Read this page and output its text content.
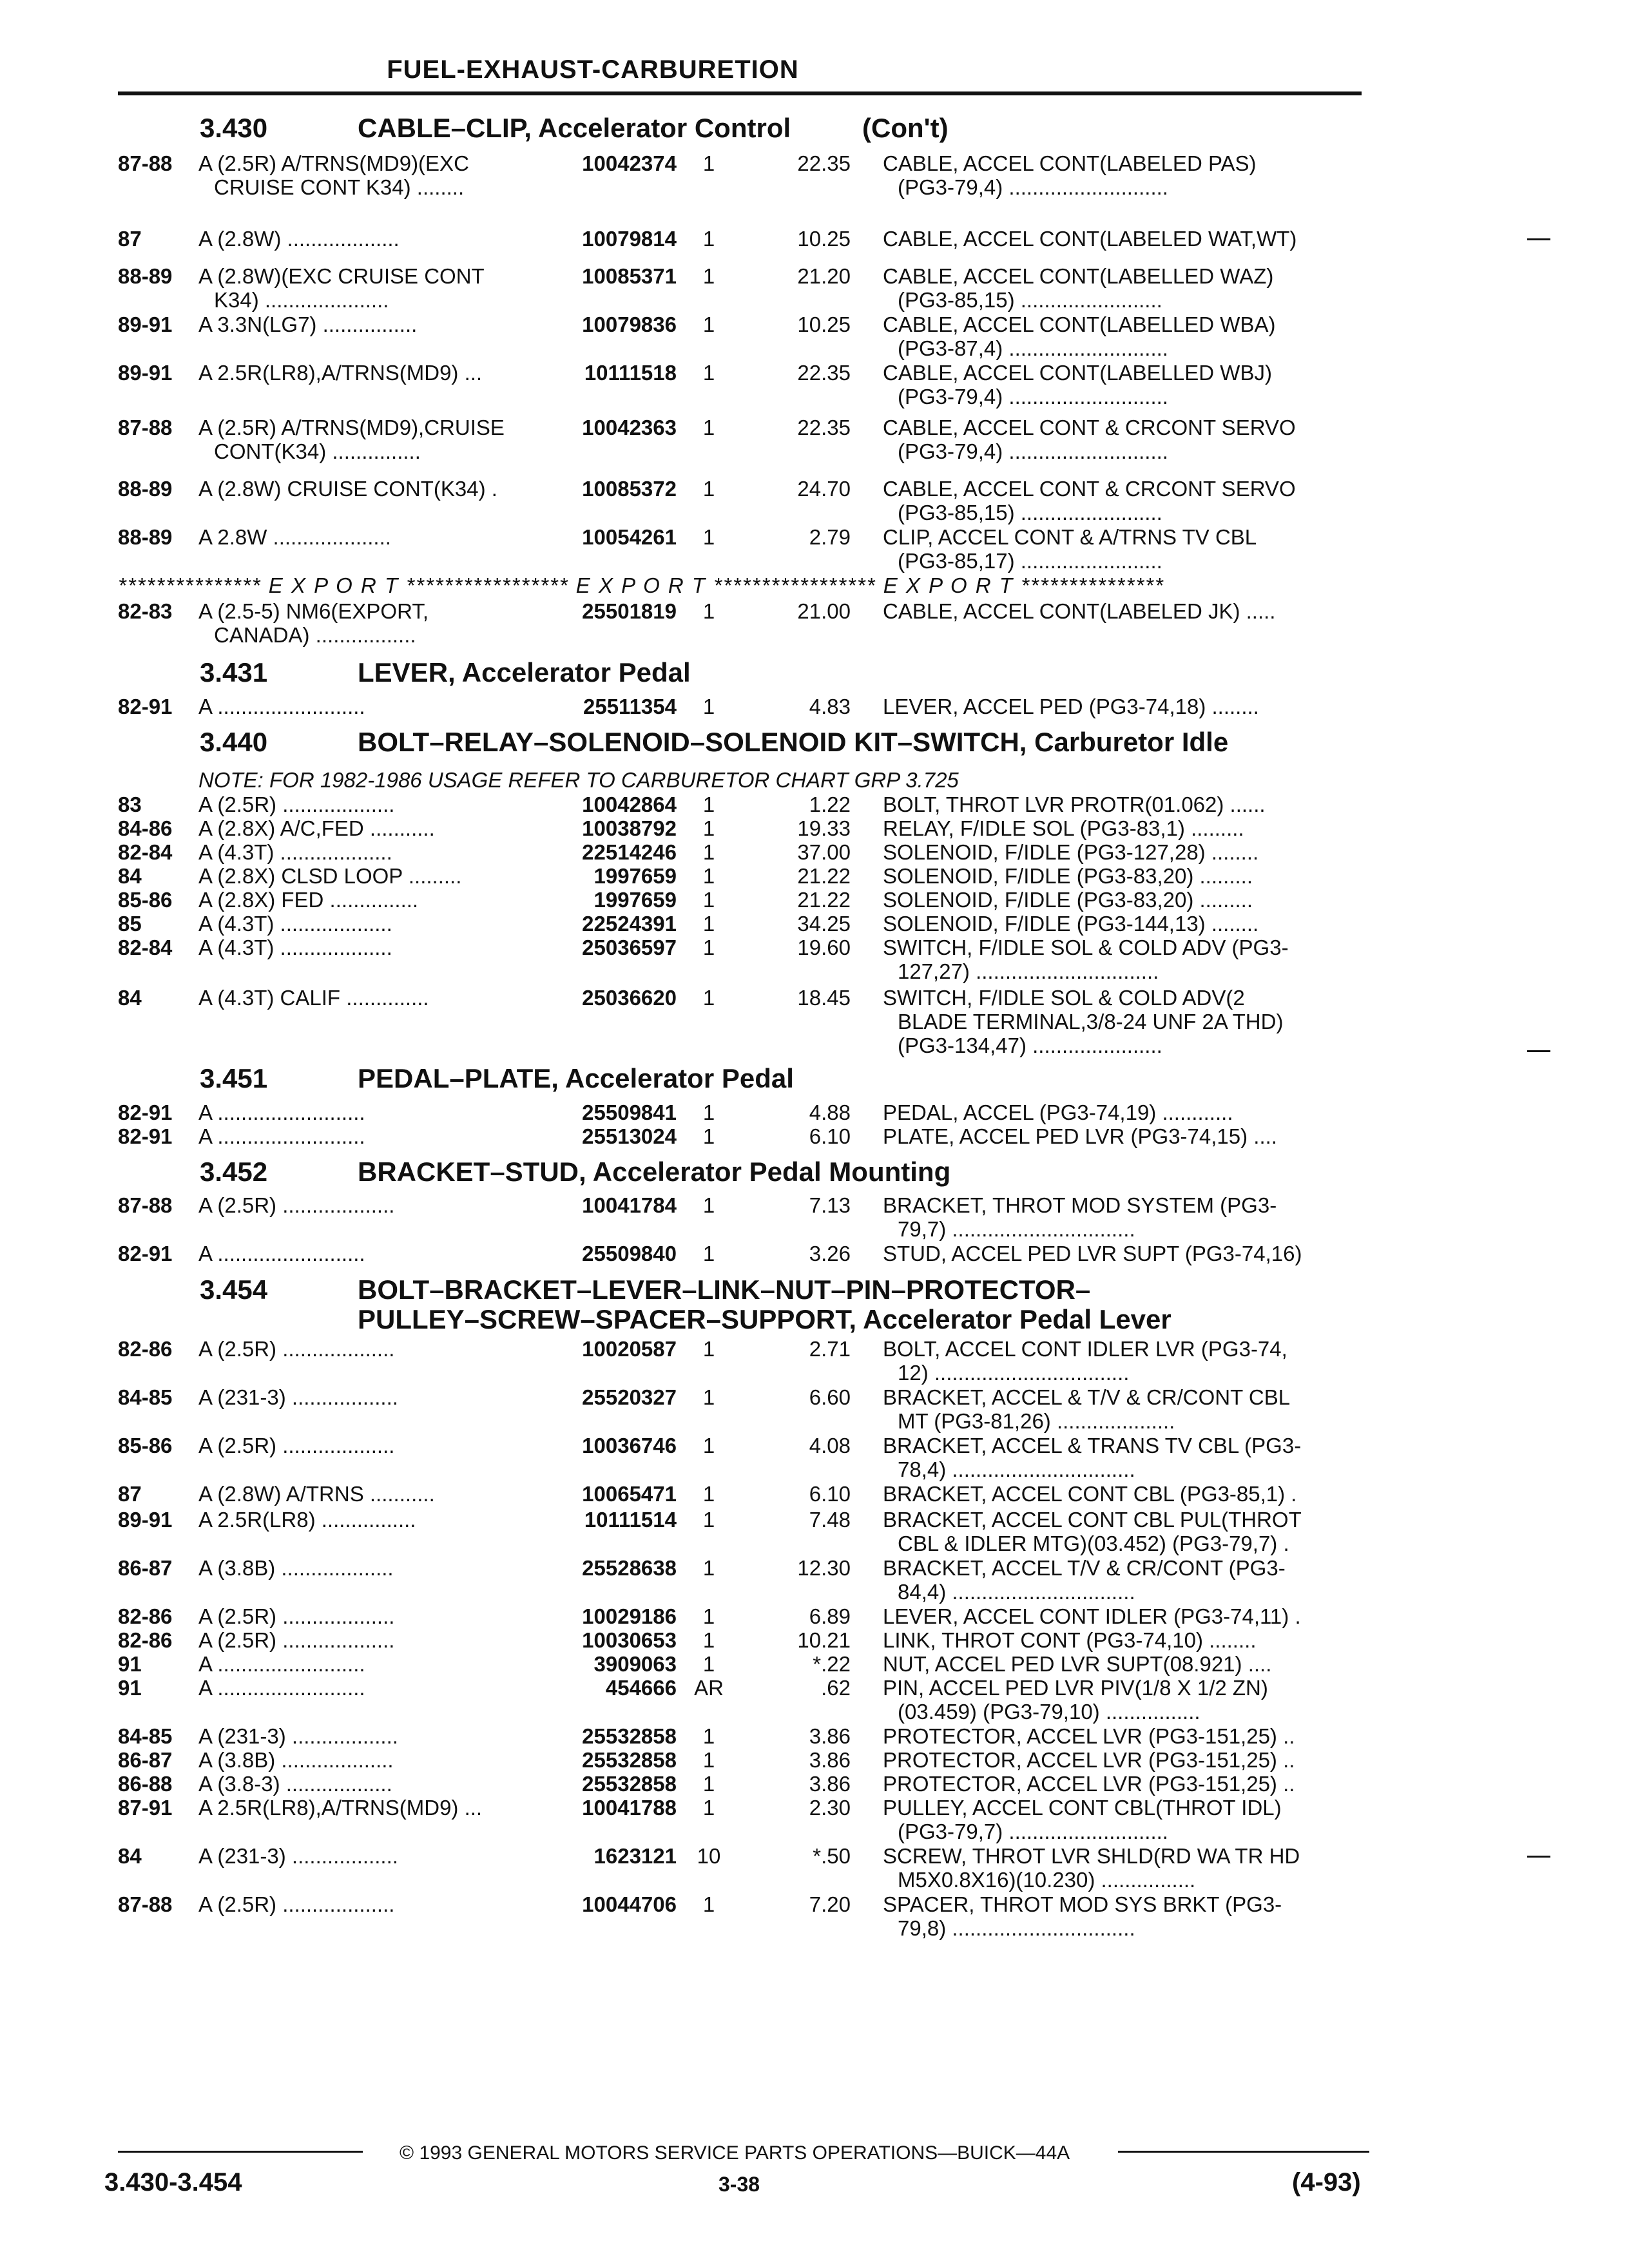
FUEL-EXHAUST-CARBURETION
3.430	CABLE–CLIP, Accelerator Control	(Con't)
87-88 A (2.5R) A/TRNS(MD9)(EXC
CRUISE CONT K34) ........
10042374	1	22.35 CABLE, ACCEL CONT(LABELED PAS)
(PG3-79,4) ...........................
87	A (2.8W) ...................	10079814	1	10.25 CABLE, ACCEL CONT(LABELED WAT,WT)
88-89 A (2.8W)(EXC CRUISE CONT
K34) .....................
10085371	1	21.20 CABLE, ACCEL CONT(LABELLED WAZ)
(PG3-85,15) ........................
89-91 A 3.3N(LG7) ................	10079836	1	10.25 CABLE, ACCEL CONT(LABELLED WBA)
(PG3-87,4) ...........................
89-91 A 2.5R(LR8),A/TRNS(MD9) ...	10111518	1	22.35 CABLE, ACCEL CONT(LABELLED WBJ)
(PG3-79,4) ...........................
87-88 A (2.5R) A/TRNS(MD9),CRUISE
CONT(K34) ...............
10042363	1	22.35 CABLE, ACCEL CONT & CRCONT SERVO
(PG3-79,4) ...........................
88-89 A (2.8W) CRUISE CONT(K34) .	10085372	1	24.70 CABLE, ACCEL CONT & CRCONT SERVO
(PG3-85,15) ........................
88-89 A 2.8W ....................	10054261	1	2.79 CLIP, ACCEL CONT & A/TRNS TV CBL
(PG3-85,17) ........................
82-83 A (2.5-5) NM6(EXPORT,
CANADA) .................
25501819	1	21.00 CABLE, ACCEL CONT(LABELED JK) .....
3.431	LEVER, Accelerator Pedal
82-91 A .........................	25511354	1	4.83 LEVER, ACCEL PED (PG3-74,18) ........
3.440	BOLT–RELAY–SOLENOID–SOLENOID KIT–SWITCH, Carburetor Idle
NOTE: FOR 1982-1986 USAGE REFER TO CARBURETOR CHART GRP 3.725
83	A (2.5R) ...................	10042864	1	1.22 BOLT, THROT LVR PROTR(01.062) ......
84-86 A (2.8X) A/C,FED ...........	10038792	1	19.33 RELAY, F/IDLE SOL (PG3-83,1) .........
82-84 A (4.3T) ...................	22514246	1	37.00 SOLENOID, F/IDLE (PG3-127,28) ........
84	A (2.8X) CLSD LOOP .........	1997659	1	21.22 SOLENOID, F/IDLE (PG3-83,20) .........
85-86 A (2.8X) FED ...............	1997659	1	21.22 SOLENOID, F/IDLE (PG3-83,20) .........
85	A (4.3T) ...................	22524391	1	34.25 SOLENOID, F/IDLE (PG3-144,13) ........
82-84 A (4.3T) ...................	25036597	1	19.60 SWITCH, F/IDLE SOL & COLD ADV (PG3-
127,27) ...............................
84	A (4.3T) CALIF ..............	25036620	1	18.45 SWITCH, F/IDLE SOL & COLD ADV(2
BLADE TERMINAL,3/8-24 UNF 2A THD)
(PG3-134,47) ......................
3.451	PEDAL–PLATE, Accelerator Pedal
82-91 A .........................	25509841	1	4.88 PEDAL, ACCEL (PG3-74,19) ............
82-91 A .........................	25513024	1	6.10 PLATE, ACCEL PED LVR (PG3-74,15) ....
3.452	BRACKET–STUD, Accelerator Pedal Mounting
87-88 A (2.5R) ...................	10041784	1	7.13 BRACKET, THROT MOD SYSTEM (PG3-
79,7) ...............................
82-91 A .........................	25509840	1	3.26 STUD, ACCEL PED LVR SUPT (PG3-74,16)
3.454	BOLT–BRACKET–LEVER–LINK–NUT–PIN–PROTECTOR–
PULLEY–SCREW–SPACER–SUPPORT, Accelerator Pedal Lever
82-86 A (2.5R) ...................	10020587	1	2.71 BOLT, ACCEL CONT IDLER LVR (PG3-74,
12) .................................
84-85 A (231-3) ..................	25520327	1	6.60 BRACKET, ACCEL & T/V & CR/CONT CBL
MT (PG3-81,26) ....................
85-86 A (2.5R) ...................	10036746	1	4.08 BRACKET, ACCEL & TRANS TV CBL (PG3-
78,4) ...............................
87	A (2.8W) A/TRNS ...........	10065471	1	6.10 BRACKET, ACCEL CONT CBL (PG3-85,1) .
89-91 A 2.5R(LR8) ................	10111514	1	7.48 BRACKET, ACCEL CONT CBL PUL(THROT
CBL & IDLER MTG)(03.452) (PG3-79,7) .
86-87 A (3.8B) ...................	25528638	1	12.30 BRACKET, ACCEL T/V & CR/CONT (PG3-
84,4) ...............................
82-86 A (2.5R) ...................	10029186	1	6.89 LEVER, ACCEL CONT IDLER (PG3-74,11) .
82-86 A (2.5R) ...................	10030653	1	10.21 LINK, THROT CONT (PG3-74,10) ........
91	A .........................	3909063	1	*.22 NUT, ACCEL PED LVR SUPT(08.921) ....
91	A .........................	454666 AR	.62 PIN, ACCEL PED LVR PIV(1/8 X 1/2 ZN)
(03.459) (PG3-79,10) ................
84-85 A (231-3) ..................	25532858	1	3.86 PROTECTOR, ACCEL LVR (PG3-151,25) ..
86-87 A (3.8B) ...................	25532858	1	3.86 PROTECTOR, ACCEL LVR (PG3-151,25) ..
86-88 A (3.8-3) ..................	25532858	1	3.86 PROTECTOR, ACCEL LVR (PG3-151,25) ..
87-91 A 2.5R(LR8),A/TRNS(MD9) ...	10041788	1	2.30 PULLEY, ACCEL CONT CBL(THROT IDL)
(PG3-79,7) ...........................
84	A (231-3) ..................	1623121 10	*.50 SCREW, THROT LVR SHLD(RD WA TR HD
M5X0.8X16)(10.230) ................
87-88 A (2.5R) ...................	10044706	1	7.20 SPACER, THROT MOD SYS BRKT (PG3-
79,8) ...............................
*************** E X P O R T ***************** E X P O R T ***************** E X P O R T ***************
© 1993 GENERAL MOTORS SERVICE PARTS OPERATIONS—BUICK—44A
3.430-3.454	3-38	(4-93)
